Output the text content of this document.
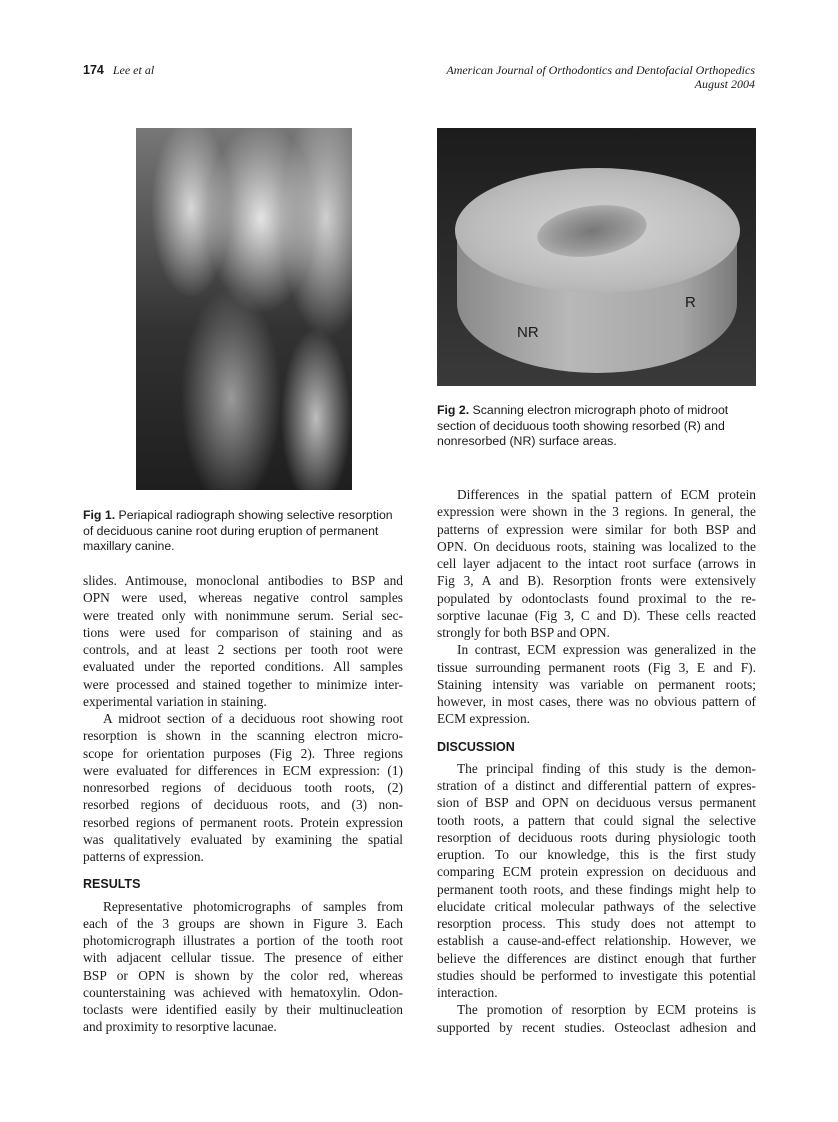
174 Lee et al	American Journal of Orthodontics and Dentofacial Orthopedics
August 2004
NR
R
Fig 1. Periapical radiograph showing selective resorption of deciduous canine root during eruption of permanent maxillary canine.
Fig 2. Scanning electron micrograph photo of midroot section of deciduous tooth showing resorbed (R) and nonresorbed (NR) surface areas.
slides. Antimouse, monoclonal antibodies to BSP and
OPN were used, whereas negative control samples
were treated only with nonimmune serum. Serial sec-
tions were used for comparison of staining and as
controls, and at least 2 sections per tooth root were
evaluated under the reported conditions. All samples
were processed and stained together to minimize inter-
experimental variation in staining.
A midroot section of a deciduous root showing root
resorption is shown in the scanning electron micro-
scope for orientation purposes (Fig 2). Three regions
were evaluated for differences in ECM expression: (1)
nonresorbed regions of deciduous tooth roots, (2)
resorbed regions of deciduous roots, and (3) non-
resorbed regions of permanent roots. Protein expression
was qualitatively evaluated by examining the spatial
patterns of expression.
RESULTS
Representative photomicrographs of samples from
each of the 3 groups are shown in Figure 3. Each
photomicrograph illustrates a portion of the tooth root
with adjacent cellular tissue. The presence of either
BSP or OPN is shown by the color red, whereas
counterstaining was achieved with hematoxylin. Odon-
toclasts were identified easily by their multinucleation
and proximity to resorptive lacunae.
Differences in the spatial pattern of ECM protein
expression were shown in the 3 regions. In general, the
patterns of expression were similar for both BSP and
OPN. On deciduous roots, staining was localized to the
cell layer adjacent to the intact root surface (arrows in
Fig 3, A and B). Resorption fronts were extensively
populated by odontoclasts found proximal to the re-
sorptive lacunae (Fig 3, C and D). These cells reacted
strongly for both BSP and OPN.
In contrast, ECM expression was generalized in the
tissue surrounding permanent roots (Fig 3, E and F).
Staining intensity was variable on permanent roots;
however, in most cases, there was no obvious pattern of
ECM expression.
DISCUSSION
The principal finding of this study is the demon-
stration of a distinct and differential pattern of expres-
sion of BSP and OPN on deciduous versus permanent
tooth roots, a pattern that could signal the selective
resorption of deciduous roots during physiologic tooth
eruption. To our knowledge, this is the first study
comparing ECM protein expression on deciduous and
permanent tooth roots, and these findings might help to
elucidate critical molecular pathways of the selective
resorption process. This study does not attempt to
establish a cause-and-effect relationship. However, we
believe the differences are distinct enough that further
studies should be performed to investigate this potential
interaction.
The promotion of resorption by ECM proteins is
supported by recent studies. Osteoclast adhesion and
